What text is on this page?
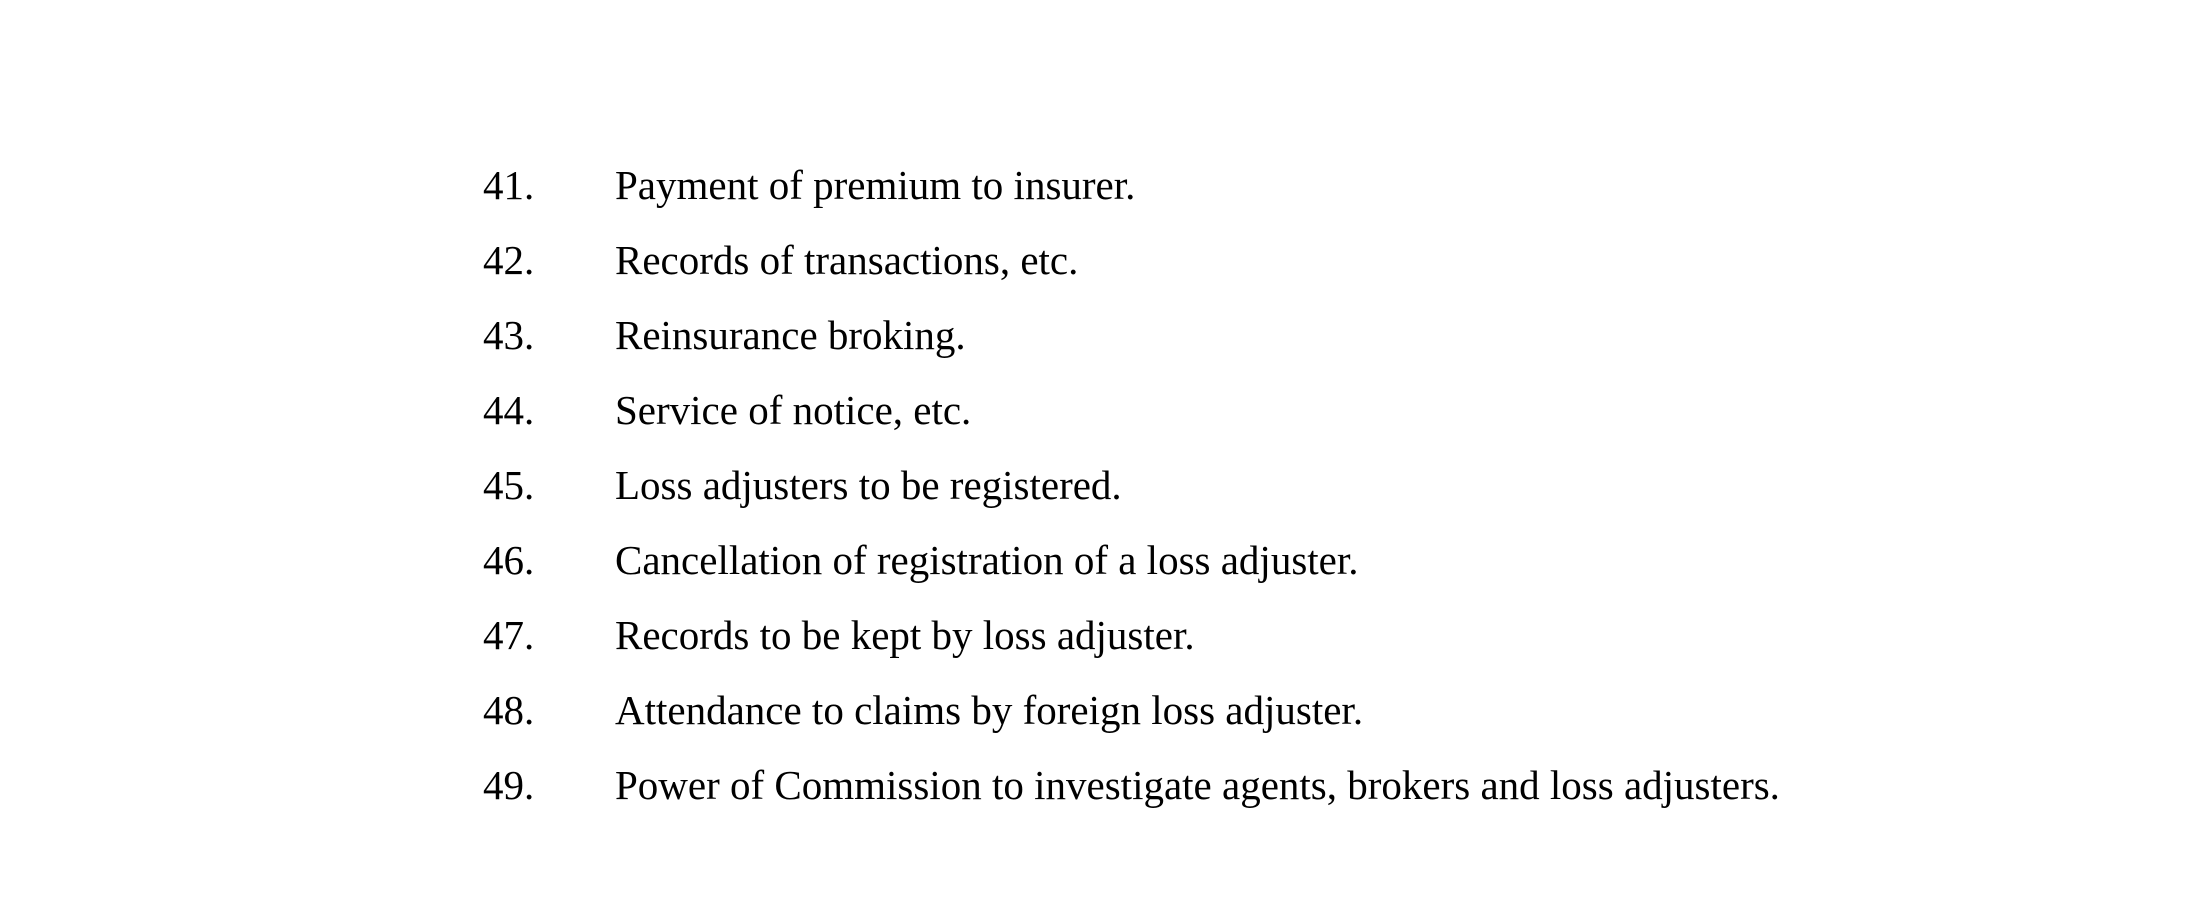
41.	Payment of premium to insurer.
42.	Records of transactions, etc.
43.	Reinsurance broking.
44.	Service of notice, etc.
45.	Loss adjusters to be registered.
46.	Cancellation of registration of a loss adjuster.
47.	Records to be kept by loss adjuster.
48.	Attendance to claims by foreign loss adjuster.
49.	Power of Commission to investigate agents, brokers and loss adjusters.
